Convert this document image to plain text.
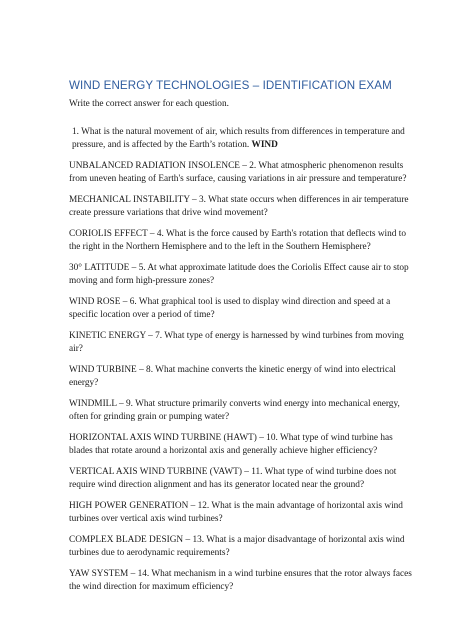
WIND ENERGY TECHNOLOGIES – IDENTIFICATION EXAM
Write the correct answer for each question.
1. What is the natural movement of air, which results from differences in temperature and pressure, and is affected by the Earth’s rotation. WIND
UNBALANCED RADIATION INSOLENCE – 2. What atmospheric phenomenon results from uneven heating of Earth's surface, causing variations in air pressure and temperature?
MECHANICAL INSTABILITY – 3. What state occurs when differences in air temperature create pressure variations that drive wind movement?
CORIOLIS EFFECT – 4. What is the force caused by Earth's rotation that deflects wind to the right in the Northern Hemisphere and to the left in the Southern Hemisphere?
30° LATITUDE – 5. At what approximate latitude does the Coriolis Effect cause air to stop moving and form high-pressure zones?
WIND ROSE – 6. What graphical tool is used to display wind direction and speed at a specific location over a period of time?
KINETIC ENERGY – 7. What type of energy is harnessed by wind turbines from moving air?
WIND TURBINE – 8. What machine converts the kinetic energy of wind into electrical energy?
WINDMILL – 9. What structure primarily converts wind energy into mechanical energy, often for grinding grain or pumping water?
HORIZONTAL AXIS WIND TURBINE (HAWT) – 10. What type of wind turbine has blades that rotate around a horizontal axis and generally achieve higher efficiency?
VERTICAL AXIS WIND TURBINE (VAWT) – 11. What type of wind turbine does not require wind direction alignment and has its generator located near the ground?
HIGH POWER GENERATION – 12. What is the main advantage of horizontal axis wind turbines over vertical axis wind turbines?
COMPLEX BLADE DESIGN – 13. What is a major disadvantage of horizontal axis wind turbines due to aerodynamic requirements?
YAW SYSTEM – 14. What mechanism in a wind turbine ensures that the rotor always faces the wind direction for maximum efficiency?
